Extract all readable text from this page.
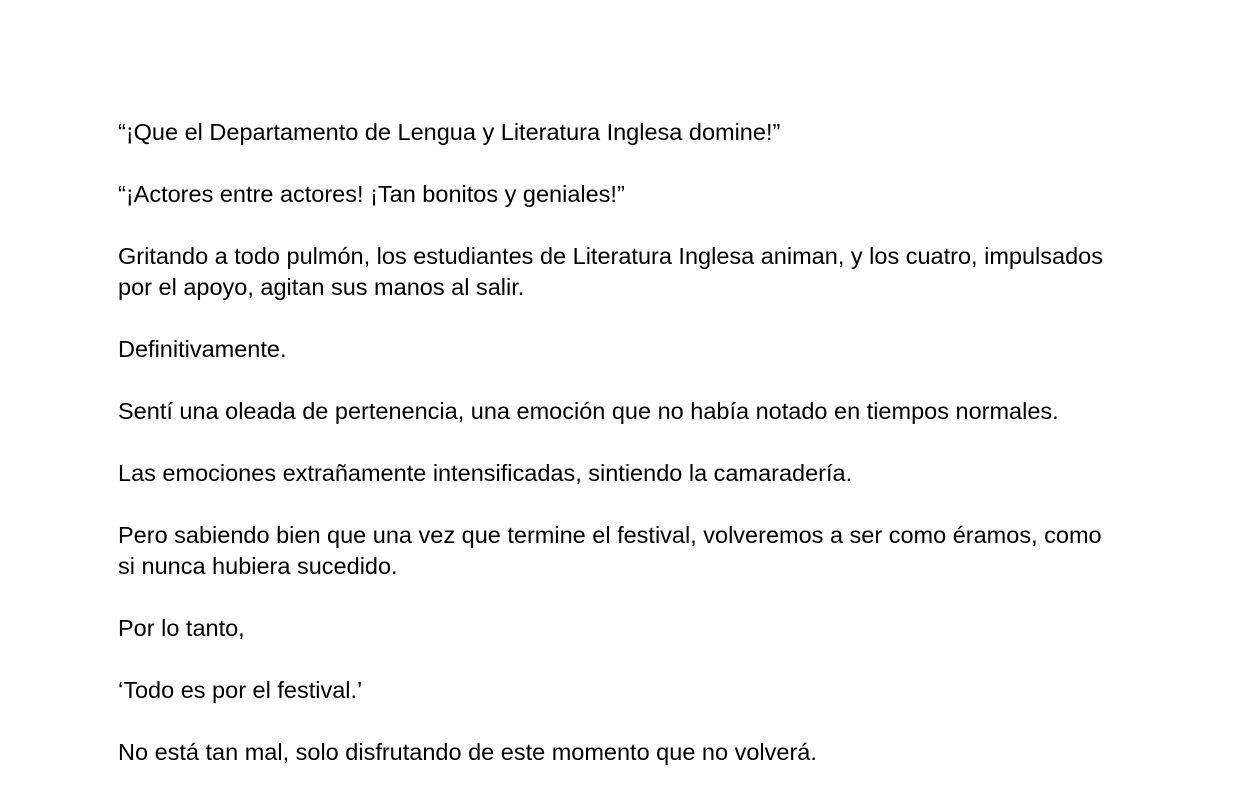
“¡Que el Departamento de Lengua y Literatura Inglesa domine!”

“¡Actores entre actores! ¡Tan bonitos y geniales!”

Gritando a todo pulmón, los estudiantes de Literatura Inglesa animan, y los cuatro, impulsados por el apoyo, agitan sus manos al salir.

Definitivamente.

Sentí una oleada de pertenencia, una emoción que no había notado en tiempos normales.

Las emociones extrañamente intensificadas, sintiendo la camaradería.

Pero sabiendo bien que una vez que termine el festival, volveremos a ser como éramos, como si nunca hubiera sucedido.

Por lo tanto,

‘Todo es por el festival.’

No está tan mal, solo disfrutando de este momento que no volverá.
